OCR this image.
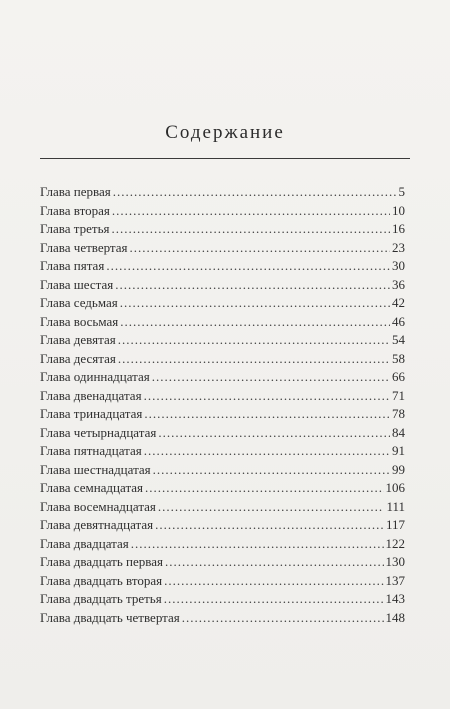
Содержание
Глава первая .....	5
Глава вторая .....	10
Глава третья .....	16
Глава четвертая .....	23
Глава пятая .....	30
Глава шестая .....	36
Глава седьмая .....	42
Глава восьмая .....	46
Глава девятая .....	54
Глава десятая .....	58
Глава одиннадцатая .....	66
Глава двенадцатая .....	71
Глава тринадцатая .....	78
Глава четырнадцатая .....	84
Глава пятнадцатая .....	91
Глава шестнадцатая .....	99
Глава семнадцатая .....	106
Глава восемнадцатая .....	111
Глава девятнадцатая .....	117
Глава двадцатая .....	122
Глава двадцать первая .....	130
Глава двадцать вторая .....	137
Глава двадцать третья .....	143
Глава двадцать четвертая .....	148
